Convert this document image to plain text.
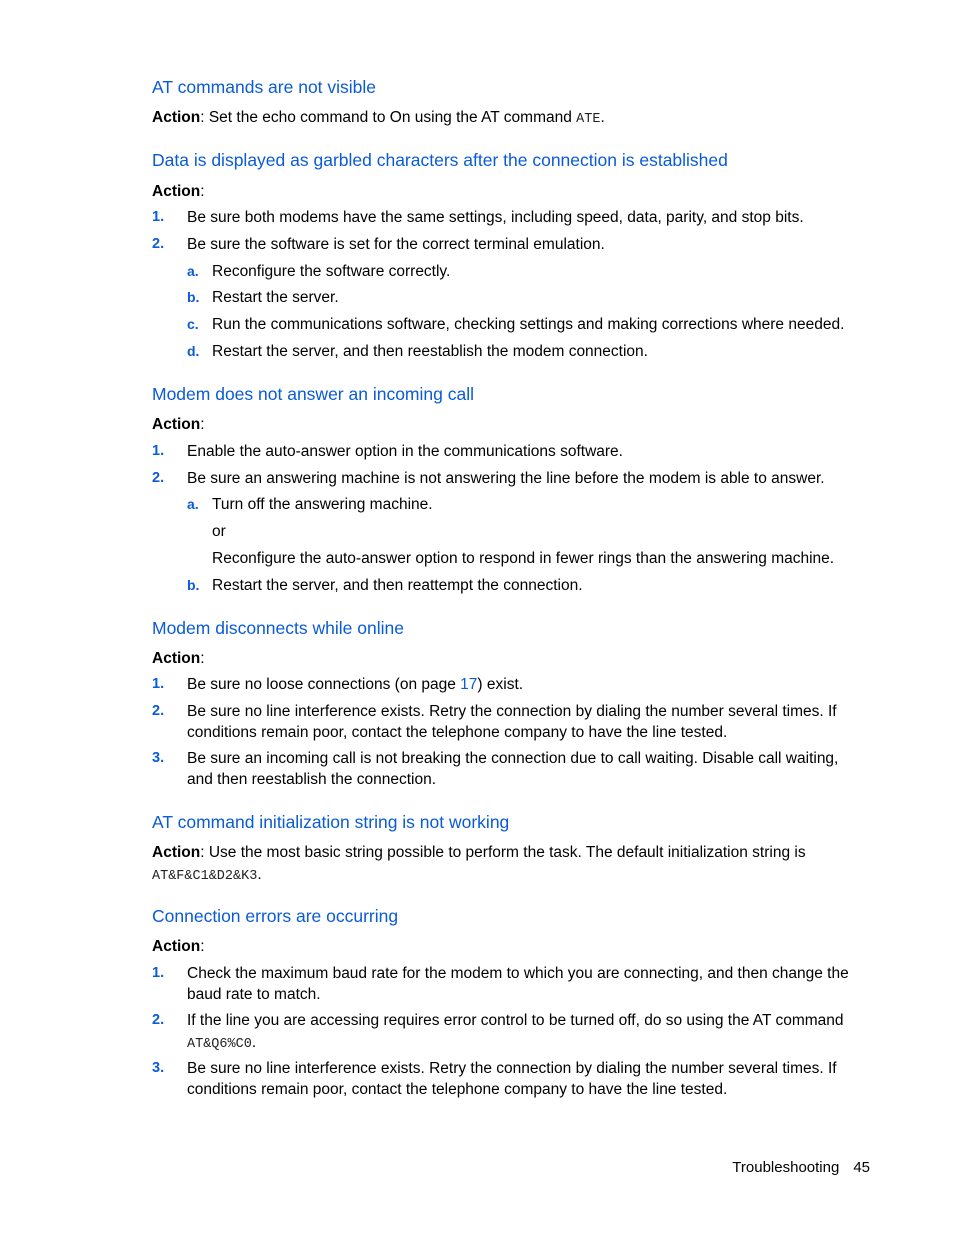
AT commands are not visible

Action: Set the echo command to On using the AT command ATE.

Data is displayed as garbled characters after the connection is established

Action:

1. Be sure both modems have the same settings, including speed, data, parity, and stop bits.
2. Be sure the software is set for the correct terminal emulation.
a. Reconfigure the software correctly.
b. Restart the server.
c. Run the communications software, checking settings and making corrections where needed.
d. Restart the server, and then reestablish the modem connection.
Modem does not answer an incoming call

Action:

1. Enable the auto-answer option in the communications software.
2. Be sure an answering machine is not answering the line before the modem is able to answer.
a. Turn off the answering machine.
or
Reconfigure the auto-answer option to respond in fewer rings than the answering machine.
b. Restart the server, and then reattempt the connection.
Modem disconnects while online

Action:

1. Be sure no loose connections (on page 17) exist.
2. Be sure no line interference exists. Retry the connection by dialing the number several times. If
conditions remain poor, contact the telephone company to have the line tested.
3. Be sure an incoming call is not breaking the connection due to call waiting. Disable call waiting,
and then reestablish the connection.
AT command initialization string is not working

Action: Use the most basic string possible to perform the task. The default initialization string is

AT&F&C1&D2&K3.

Connection errors are occurring

Action:

1. Check the maximum baud rate for the modem to which you are connecting, and then change the
baud rate to match.
2. If the line you are accessing requires error control to be turned off, do so using the AT command
AT&Q6%C0.
3. Be sure no line interference exists. Retry the connection by dialing the number several times. If
conditions remain poor, contact the telephone company to have the line tested.
Troubleshooting 45
